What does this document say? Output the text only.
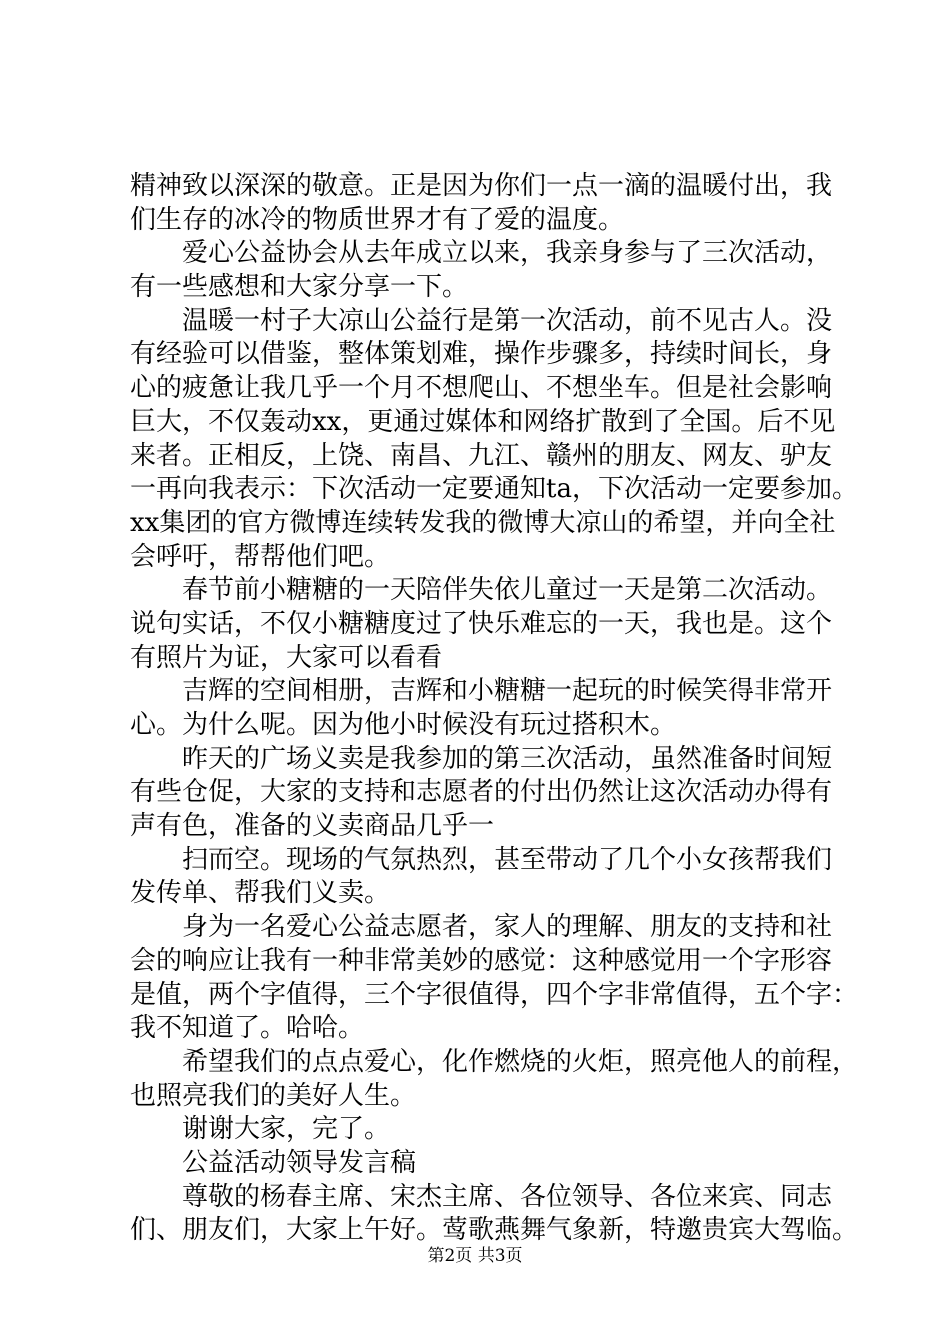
精神致以深深的敬意。正是因为你们一点一滴的温暖付出，我
们生存的冰冷的物质世界才有了爱的温度。
爱心公益协会从去年成立以来，我亲身参与了三次活动，
有一些感想和大家分享一下。
温暖一村子大凉山公益行是第一次活动，前不见古人。没
有经验可以借鉴，整体策划难，操作步骤多，持续时间长，身
心的疲惫让我几乎一个月不想爬山、不想坐车。但是社会影响
巨大，不仅轰动xx，更通过媒体和网络扩散到了全国。后不见
来者。正相反，上饶、南昌、九江、赣州的朋友、网友、驴友
一再向我表示：下次活动一定要通知ta，下次活动一定要参加。
xx集团的官方微博连续转发我的微博大凉山的希望，并向全社
会呼吁，帮帮他们吧。
春节前小糖糖的一天陪伴失依儿童过一天是第二次活动。
说句实话，不仅小糖糖度过了快乐难忘的一天，我也是。这个
有照片为证，大家可以看看
吉辉的空间相册，吉辉和小糖糖一起玩的时候笑得非常开
心。为什么呢。因为他小时候没有玩过搭积木。
昨天的广场义卖是我参加的第三次活动，虽然准备时间短
有些仓促，大家的支持和志愿者的付出仍然让这次活动办得有
声有色，准备的义卖商品几乎一
扫而空。现场的气氛热烈，甚至带动了几个小女孩帮我们
发传单、帮我们义卖。
身为一名爱心公益志愿者，家人的理解、朋友的支持和社
会的响应让我有一种非常美妙的感觉：这种感觉用一个字形容
是值，两个字值得，三个字很值得，四个字非常值得，五个字：
我不知道了。哈哈。
希望我们的点点爱心，化作燃烧的火炬，照亮他人的前程，
也照亮我们的美好人生。
谢谢大家，完了。
公益活动领导发言稿
尊敬的杨春主席、宋杰主席、各位领导、各位来宾、同志
们、朋友们，大家上午好。莺歌燕舞气象新，特邀贵宾大驾临。
第2页 共3页
